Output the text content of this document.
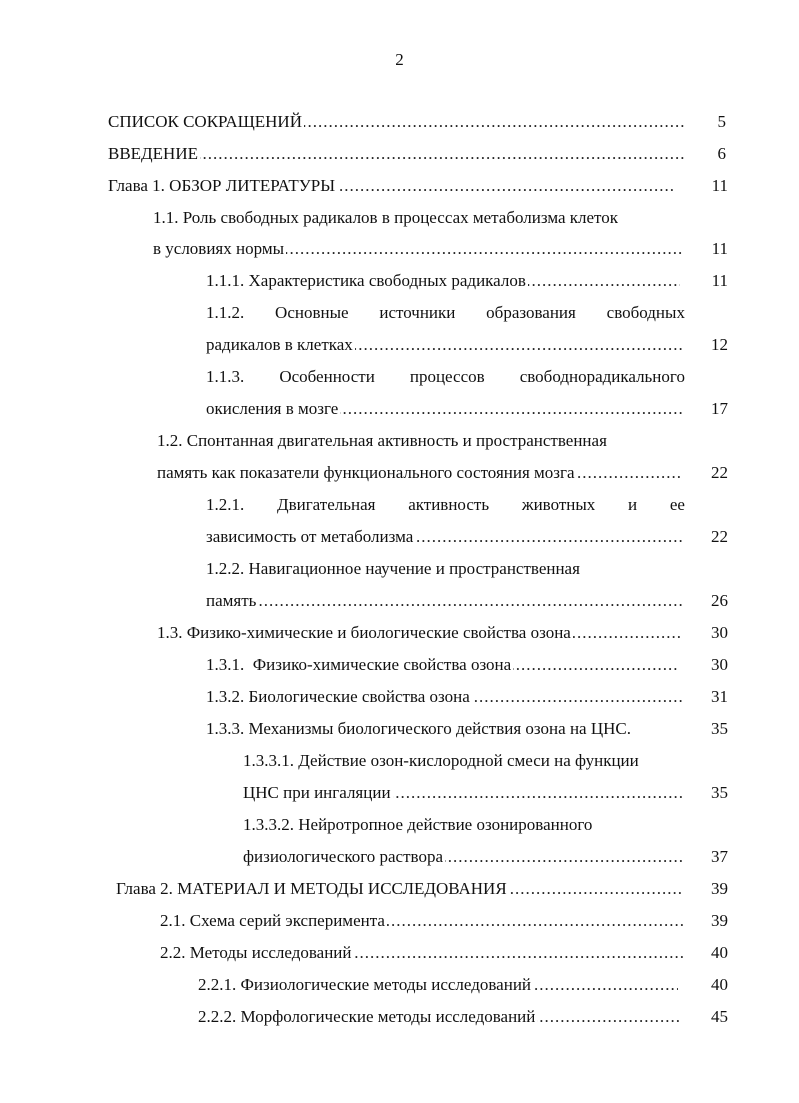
2
.....
СПИСОК СОКРАЩЕНИЙ	5
.....
ВВЕДЕНИЕ	6
.....
Глава 1. ОБЗОР ЛИТЕРАТУРЫ	11
1.1. Роль свободных радикалов в процессах метаболизма клеток
.....
в условиях нормы	11
.....
1.1.1. Характеристика свободных радикалов	11
1.1.2. Основные источники образования свободных
.....
радикалов в клетках	12
1.1.3. Особенности процессов свободнорадикального
.....
окисления в мозге	17
1.2. Спонтанная двигательная активность и пространственная
.....
память как показатели функционального состояния мозга	22
1.2.1. Двигательная активность животных и ее
.....
зависимость от метаболизма	22
1.2.2. Навигационное научение и пространственная
.....
память	26
.....
1.3. Физико-химические и биологические свойства озона	30
.....
1.3.1.  Физико-химические свойства озона	30
.....
1.3.2. Биологические свойства озона	31
1.3.3. Механизмы биологического действия озона на ЦНС.	35
1.3.3.1. Действие озон-кислородной смеси на функции
.....
ЦНС при ингаляции	35
1.3.3.2. Нейротропное действие озонированного
.....
физиологического раствора	37
.....
Глава 2. МАТЕРИАЛ И МЕТОДЫ ИССЛЕДОВАНИЯ	39
.....
2.1. Схема серий эксперимента	39
.....
2.2. Методы исследований	40
.....
2.2.1. Физиологические методы исследований	40
.....
2.2.2. Морфологические методы исследований	45
